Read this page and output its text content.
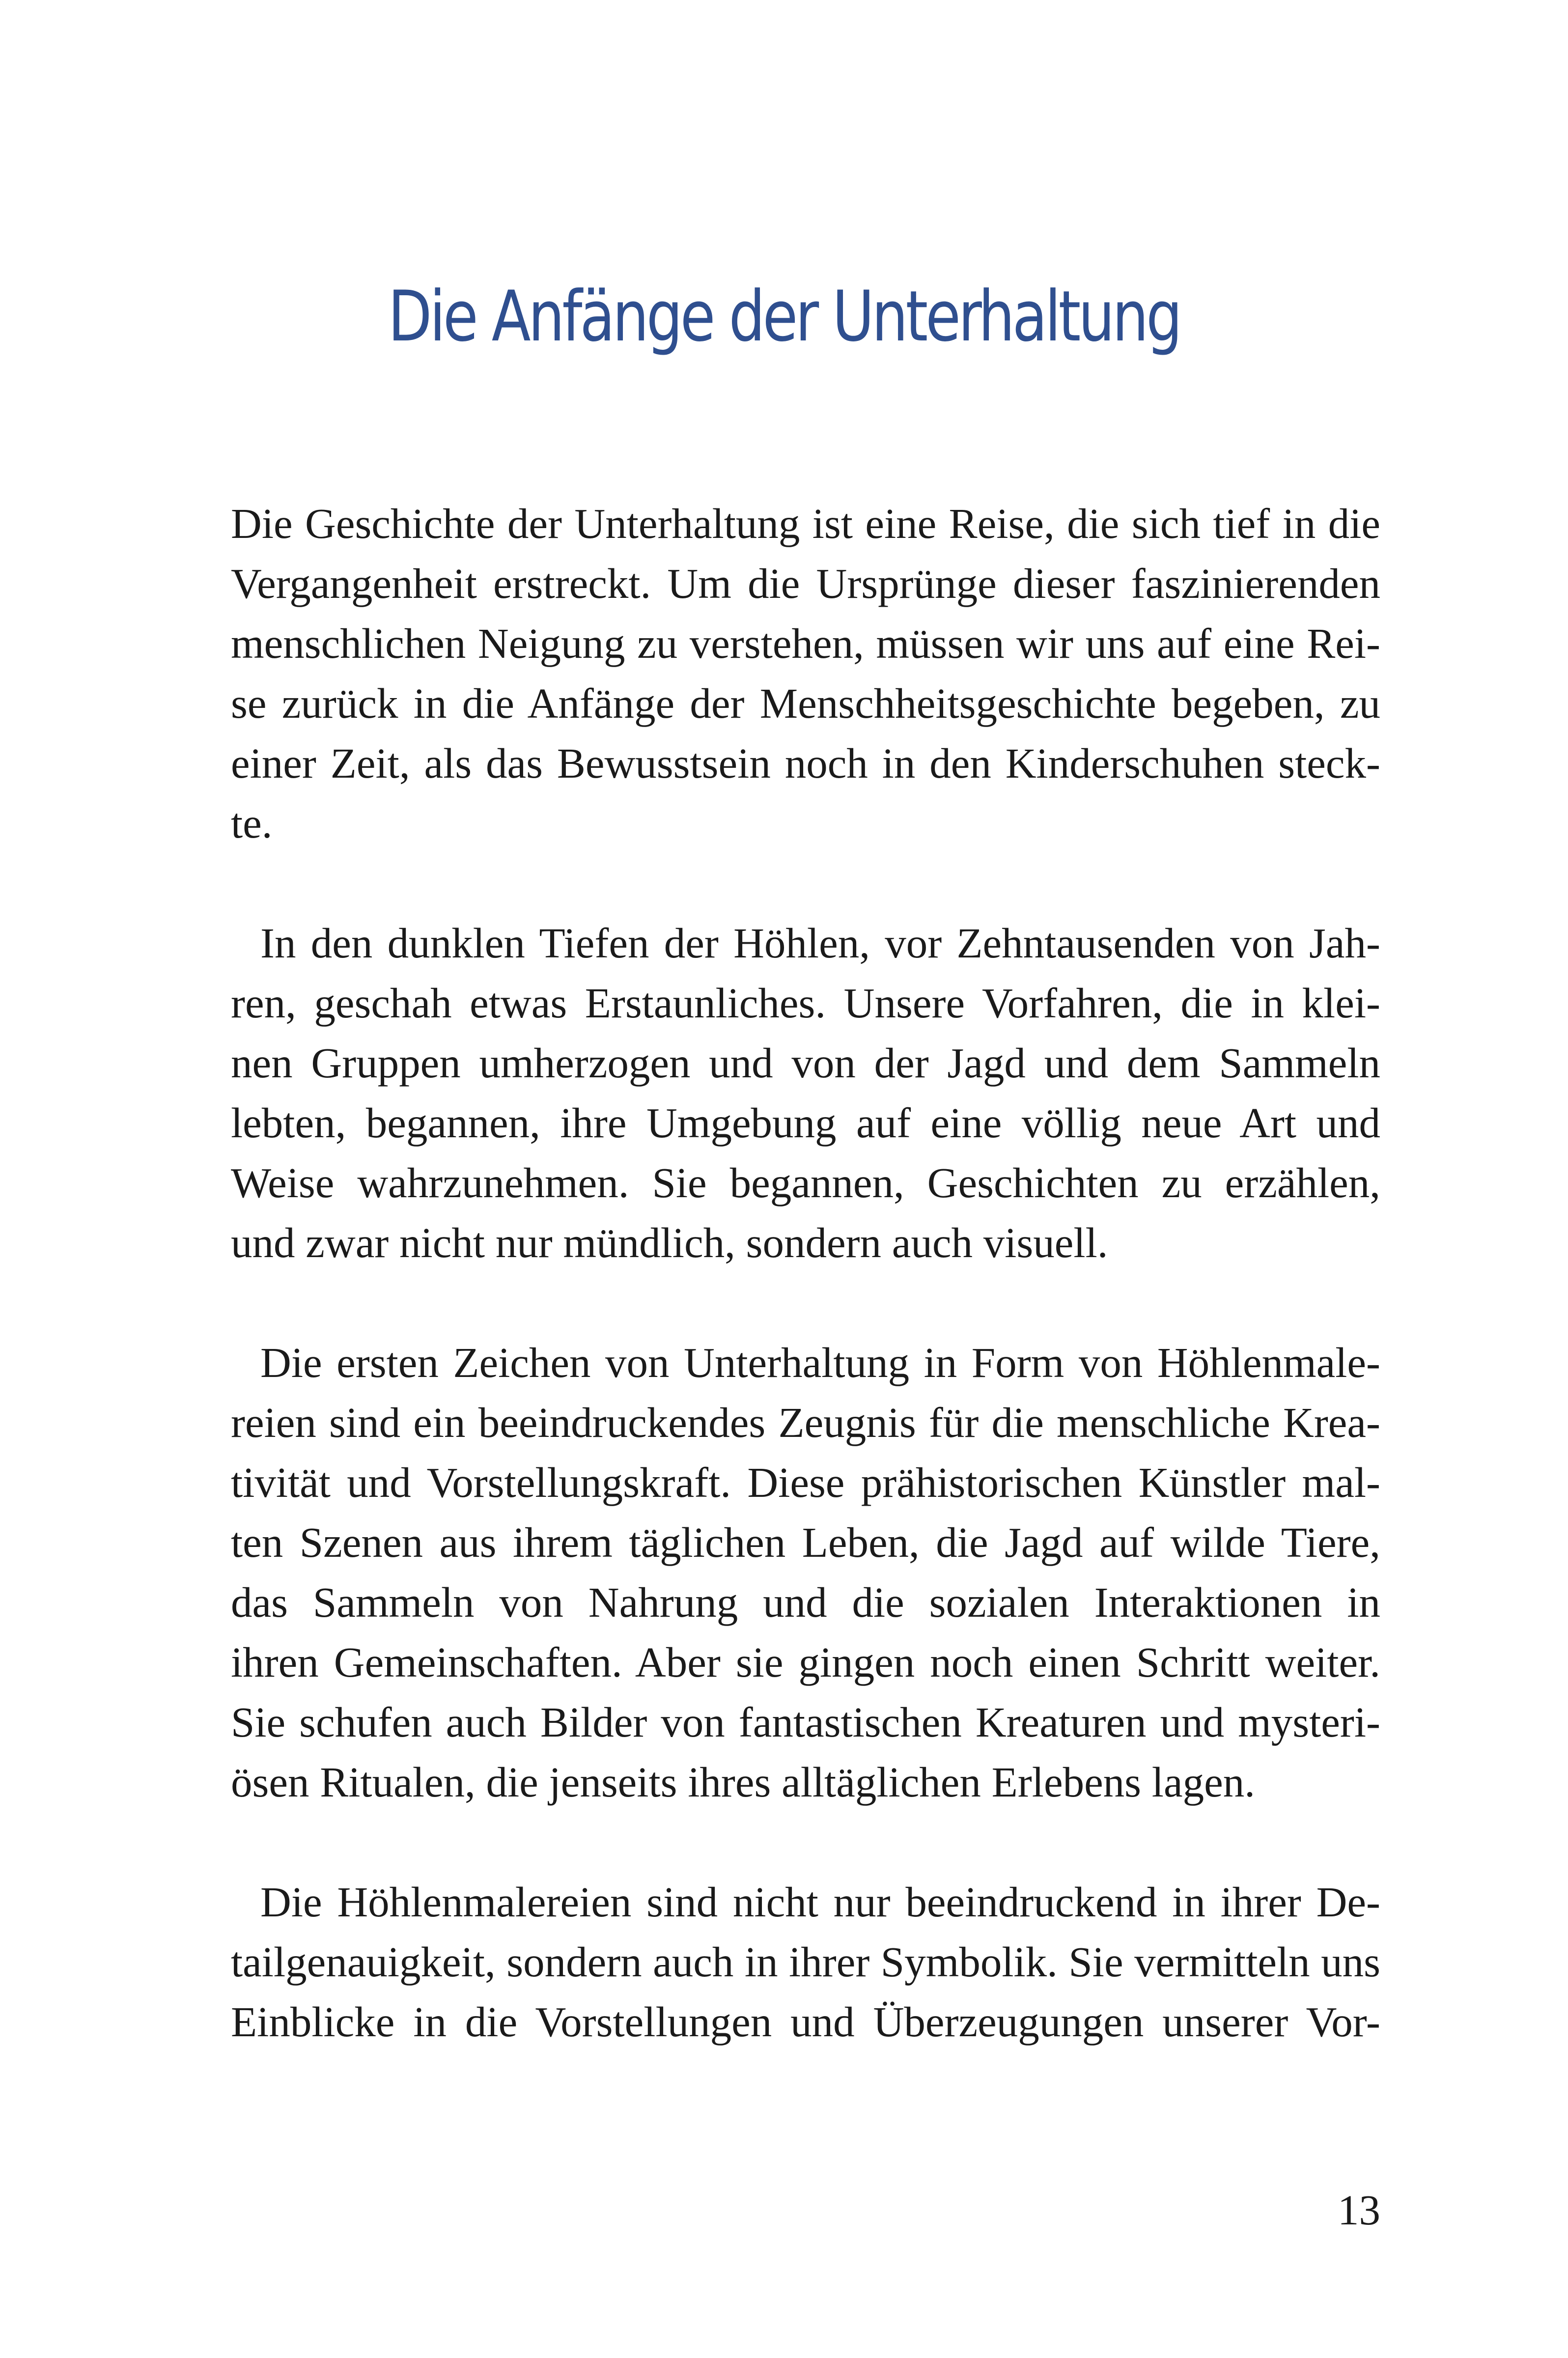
Die Anfänge der Unterhaltung
Die Geschichte der Unterhaltung ist eine Reise, die sich tief in die
Vergangenheit erstreckt. Um die Ursprünge dieser faszinierenden
menschlichen Neigung zu verstehen, müssen wir uns auf eine Rei-
se zurück in die Anfänge der Menschheitsgeschichte begeben, zu
einer Zeit, als das Bewusstsein noch in den Kinderschuhen steck-
te.
In den dunklen Tiefen der Höhlen, vor Zehntausenden von Jah-
ren, geschah etwas Erstaunliches. Unsere Vorfahren, die in klei-
nen Gruppen umherzogen und von der Jagd und dem Sammeln
lebten, begannen, ihre Umgebung auf eine völlig neue Art und
Weise wahrzunehmen. Sie begannen, Geschichten zu erzählen,
und zwar nicht nur mündlich, sondern auch visuell.
Die ersten Zeichen von Unterhaltung in Form von Höhlenmale-
reien sind ein beeindruckendes Zeugnis für die menschliche Krea-
tivität und Vorstellungskraft. Diese prähistorischen Künstler mal-
ten Szenen aus ihrem täglichen Leben, die Jagd auf wilde Tiere,
das Sammeln von Nahrung und die sozialen Interaktionen in
ihren Gemeinschaften. Aber sie gingen noch einen Schritt weiter.
Sie schufen auch Bilder von fantastischen Kreaturen und mysteri-
ösen Ritualen, die jenseits ihres alltäglichen Erlebens lagen.
Die Höhlenmalereien sind nicht nur beeindruckend in ihrer De-
tailgenauigkeit, sondern auch in ihrer Symbolik. Sie vermitteln uns
Einblicke in die Vorstellungen und Überzeugungen unserer Vor-
13
